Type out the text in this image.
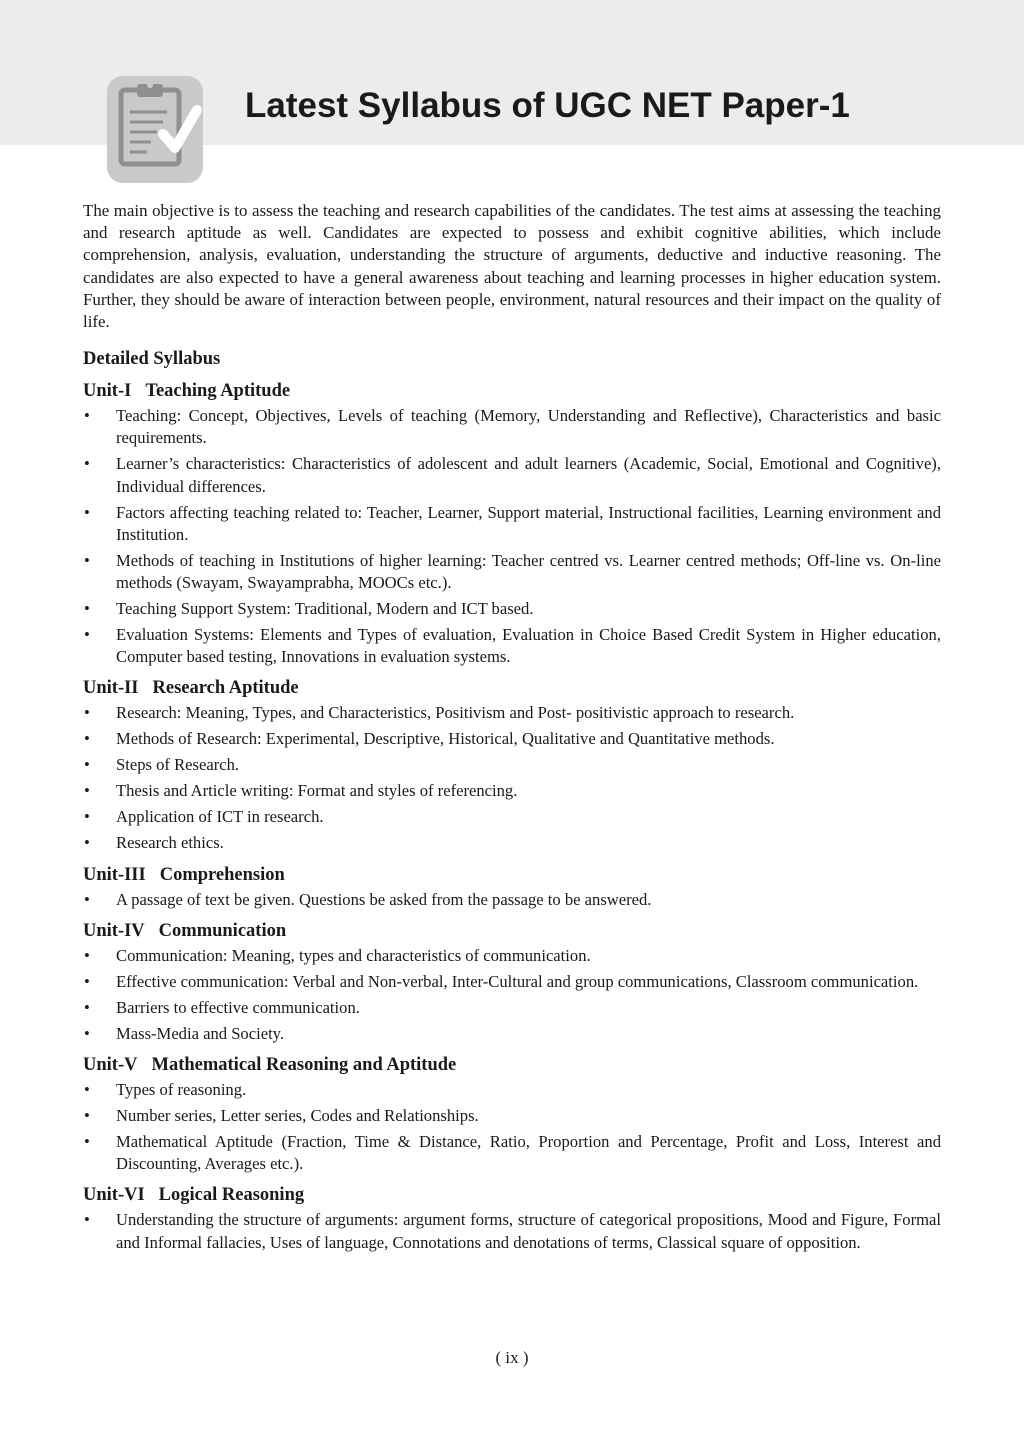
Latest Syllabus of UGC NET Paper-1

The main objective is to assess the teaching and research capabilities of the candidates. The test aims at assessing the teaching and research aptitude as well. Candidates are expected to possess and exhibit cognitive abilities, which include comprehension, analysis, evaluation, understanding the structure of arguments, deductive and inductive reasoning. The candidates are also expected to have a general awareness about teaching and learning processes in higher education system. Further, they should be aware of interaction between people, environment, natural resources and their impact on the quality of life.

Detailed Syllabus
Unit-I Teaching Aptitude
• Teaching: Concept, Objectives, Levels of teaching (Memory, Understanding and Reflective), Characteristics and basic requirements.
• Learner’s characteristics: Characteristics of adolescent and adult learners (Academic, Social, Emotional and Cognitive), Individual differences.
• Factors affecting teaching related to: Teacher, Learner, Support material, Instructional facilities, Learning environment and Institution.
• Methods of teaching in Institutions of higher learning: Teacher centred vs. Learner centred methods; Off-line vs. On-line methods (Swayam, Swayamprabha, MOOCs etc.).
• Teaching Support System: Traditional, Modern and ICT based.
• Evaluation Systems: Elements and Types of evaluation, Evaluation in Choice Based Credit System in Higher education, Computer based testing, Innovations in evaluation systems.
Unit-II Research Aptitude
• Research: Meaning, Types, and Characteristics, Positivism and Post- positivistic approach to research.
• Methods of Research: Experimental, Descriptive, Historical, Qualitative and Quantitative methods.
• Steps of Research.
• Thesis and Article writing: Format and styles of referencing.
• Application of ICT in research.
• Research ethics.
Unit-III Comprehension
• A passage of text be given. Questions be asked from the passage to be answered.
Unit-IV Communication
• Communication: Meaning, types and characteristics of communication.
• Effective communication: Verbal and Non-verbal, Inter-Cultural and group communications, Classroom communication.
• Barriers to effective communication.
• Mass-Media and Society.
Unit-V Mathematical Reasoning and Aptitude
• Types of reasoning.
• Number series, Letter series, Codes and Relationships.
• Mathematical Aptitude (Fraction, Time & Distance, Ratio, Proportion and Percentage, Profit and Loss, Interest and Discounting, Averages etc.).
Unit-VI Logical Reasoning
• Understanding the structure of arguments: argument forms, structure of categorical propositions, Mood and Figure, Formal and Informal fallacies, Uses of language, Connotations and denotations of terms, Classical square of opposition.
( ix )
